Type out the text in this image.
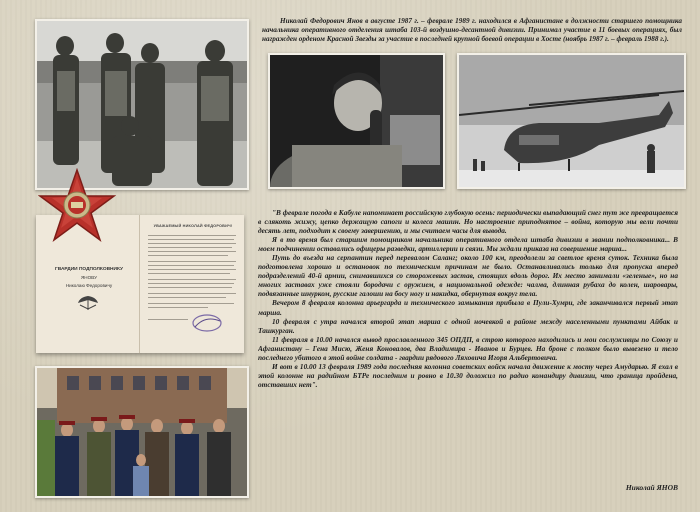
Николай Федорович Янов в августе 1987 г. – феврале 1989 г. находился в Афганистане в должности старшего помощника начальника оперативного отделения штаба 103-й воздушно-десантной дивизии. Принимал участие в 11 боевых операциях, был награжден орденом Красной Звезды за участие в последней крупной боевой операции в Хосте (ноябрь 1987 г. – февраль 1988 г.).
ГВАРДИИ ПОДПОЛКОВНИКУ
ЯНОВУ
Николаю Федоровичу
УВАЖАЕМЫЙ НИКОЛАЙ ФЕДОРОВИЧ!

"В феврале погода в Кабуле напоминает российскую глубокую осень: периодически выпадающий снег тут же превращается в слякоть жижу, цепко держащую сапоги и колеса машин. Но настроение приподнятое – война, которую мы вели почти десять лет, подходит к своему завершению, и мы считаем часы для вывода.

Я в то время был старшим помощником начальника оперативного отдела штаба дивизии в звании подполковника... В моем подчинении оставались офицеры разведки, артиллерии и связи. Мы ждали приказа на совершение марша...

Путь до въезда на серпантин перед перевалом Саланг; около 100 км, преодолели за светлое время суток. Техника была подготовлена хорошо и остановок по техническим причинам не было. Останавливались только для пропуска вперед подразделений 40-й армии, снимавшихся со сторожевых застав, стоящих вдоль дорог. Их место занимали «зеленые», но на многих заставах уже стояли бородачи с оружием, в национальной одежде: чалма, длинная рубаха до колен, шаровары, подвязанные шнурком, русские галоши на босу ногу и накидка, обернутая вокруг тела.

Вечером 8 февраля колонна арьергарда и технического замыкания прибыла в Пули-Хумри, где заканчивался первый этап марша.

10 февраля с утра начался второй этап марша с одной ночевкой в районе между населенными пунктами Айбак и Ташкурган.

11 февраля в 10.00 начался вывод прославленного 345 ОПДП, в строю которого находились и мои сослуживцы по Союзу и Афганистану – Гена Мисю, Женя Коновалов, два Владимира - Иванов и Бурцев. На броне с полком было вывезено и тело последнего убитого в этой войне солдата - гвардии рядового Ляховича Игоря Альбертовича.

И вот в 10.00 13 февраля 1989 года последняя колонна советских войск начала движение к мосту через Амударью. Я ехал в этой колонне на радийном БТРе последним и ровно в 10.30 доложил по радио командиру дивизии, что граница пройдена, отставших нет".

Николай ЯНОВ
